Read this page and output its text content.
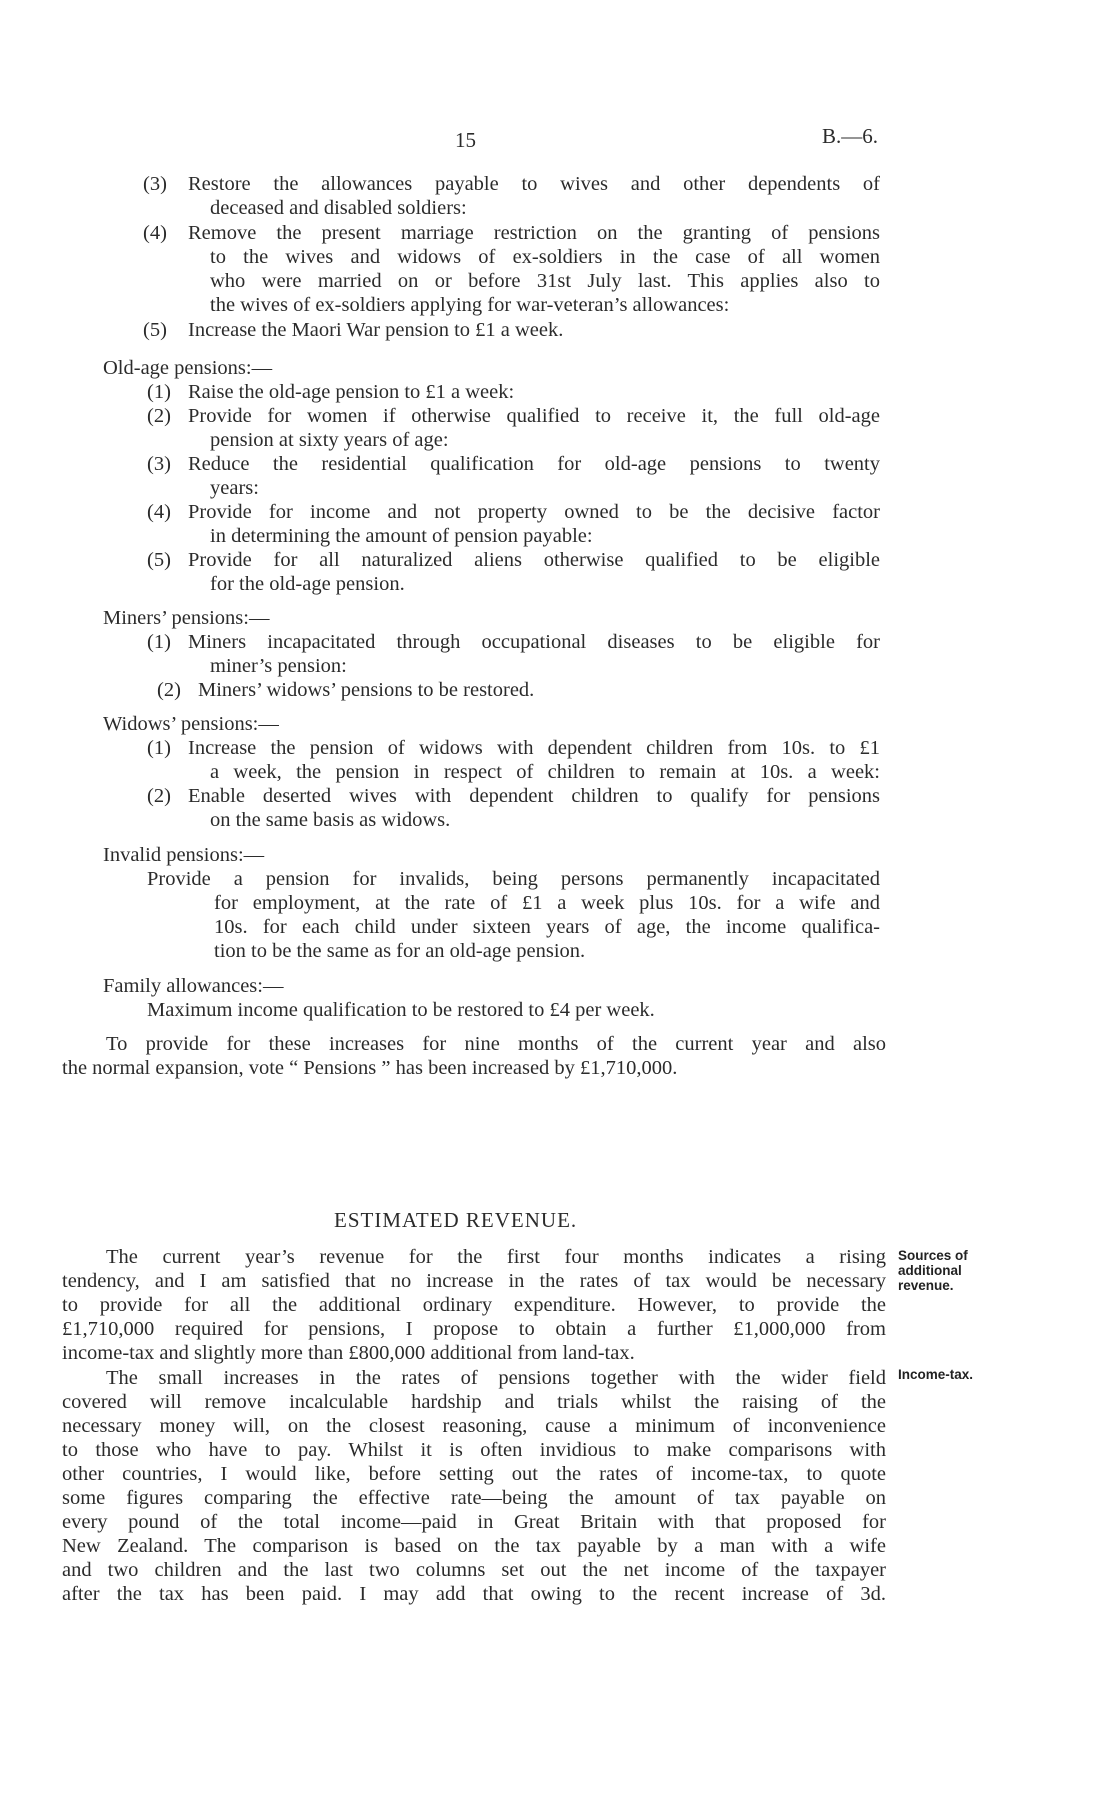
15	B.—6.
(3) Restore the allowances payable to wives and other dependents of
deceased and disabled soldiers:
(4) Remove the present marriage restriction on the granting of pensions
to the wives and widows of ex-soldiers in the case of all women
who were married on or before 31st July last. This applies also to
the wives of ex-soldiers applying for war-veteran’s allowances:
(5) Increase the Maori War pension to £1 a week.
Old-age pensions:—
(1) Raise the old-age pension to £1 a week:
(2) Provide for women if otherwise qualified to receive it, the full old-age
pension at sixty years of age:
(3) Reduce the residential qualification for old-age pensions to twenty
years:
(4) Provide for income and not property owned to be the decisive factor
in determining the amount of pension payable:
(5) Provide for all naturalized aliens otherwise qualified to be eligible
for the old-age pension.
Miners’ pensions:—
(1) Miners incapacitated through occupational diseases to be eligible for
miner’s pension:
(2) Miners’ widows’ pensions to be restored.
Widows’ pensions:—
(1) Increase the pension of widows with dependent children from 10s. to £1
a week, the pension in respect of children to remain at 10s. a week:
(2) Enable deserted wives with dependent children to qualify for pensions
on the same basis as widows.
Invalid pensions:—
Provide a pension for invalids, being persons permanently incapacitated
for employment, at the rate of £1 a week plus 10s. for a wife and
10s. for each child under sixteen years of age, the income qualifica-
tion to be the same as for an old-age pension.
Family allowances:—
Maximum income qualification to be restored to £4 per week.
To provide for these increases for nine months of the current year and also
the normal expansion, vote “ Pensions ” has been increased by £1,710,000.
ESTIMATED REVENUE.
The current year’s revenue for the first four months indicates a rising
tendency, and I am satisfied that no increase in the rates of tax would be necessary
to provide for all the additional ordinary expenditure. However, to provide the
£1,710,000 required for pensions, I propose to obtain a further £1,000,000 from
income-tax and slightly more than £800,000 additional from land-tax.
The small increases in the rates of pensions together with the wider field
covered will remove incalculable hardship and trials whilst the raising of the
necessary money will, on the closest reasoning, cause a minimum of inconvenience
to those who have to pay. Whilst it is often invidious to make comparisons with
other countries, I would like, before setting out the rates of income-tax, to quote
some figures comparing the effective rate—being the amount of tax payable on
every pound of the total income—paid in Great Britain with that proposed for
New Zealand. The comparison is based on the tax payable by a man with a wife
and two children and the last two columns set out the net income of the taxpayer
after the tax has been paid. I may add that owing to the recent increase of 3d.
Sources of
additional
revenue.
Income-tax.
